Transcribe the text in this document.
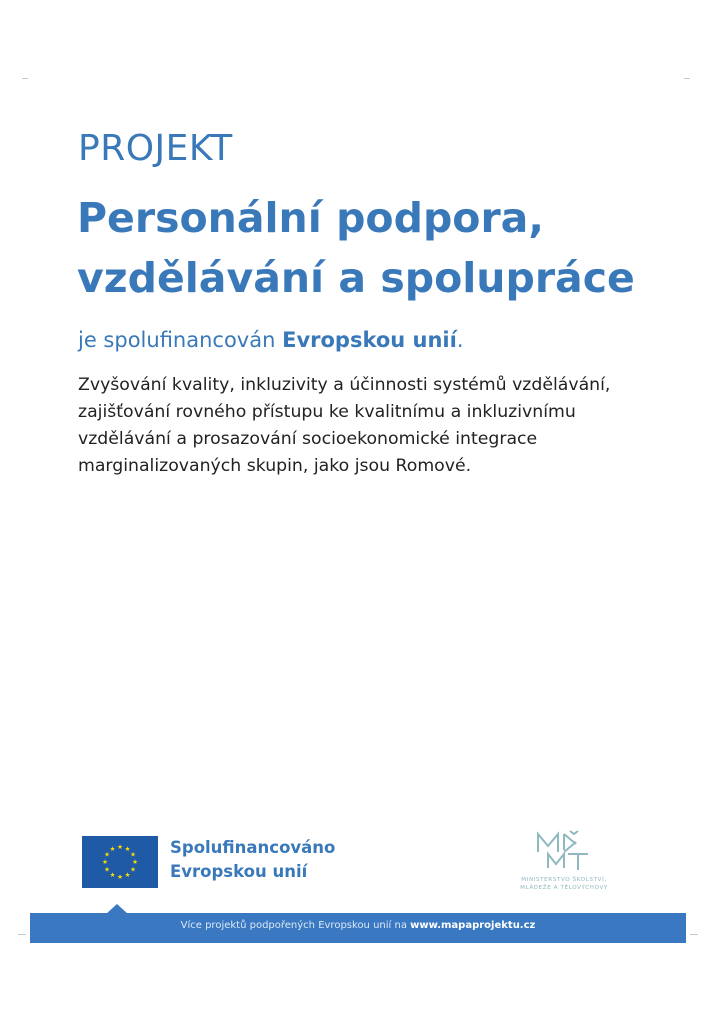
PROJEKT
Personální podpora,
vzdělávání a spolupráce

je spolufinancován Evropskou unií.

Zvyšování kvality, inkluzivity a účinnosti systémů vzdělávání,
zajišťování rovného přístupu ke kvalitnímu a inkluzivnímu
vzdělávání a prosazování socioekonomické integrace
marginalizovaných skupin, jako jsou Romové.

★ ★
★
★
★
★
★
★
★
★
★
★	Spolufinancováno
Evropskou unií	MINISTERSTVO ŠKOLSTVÍ,
MLÁDEŽE A TĚLOVÝCHOVY
Více projektů podpořených Evropskou unií na www.mapaprojektu.cz
